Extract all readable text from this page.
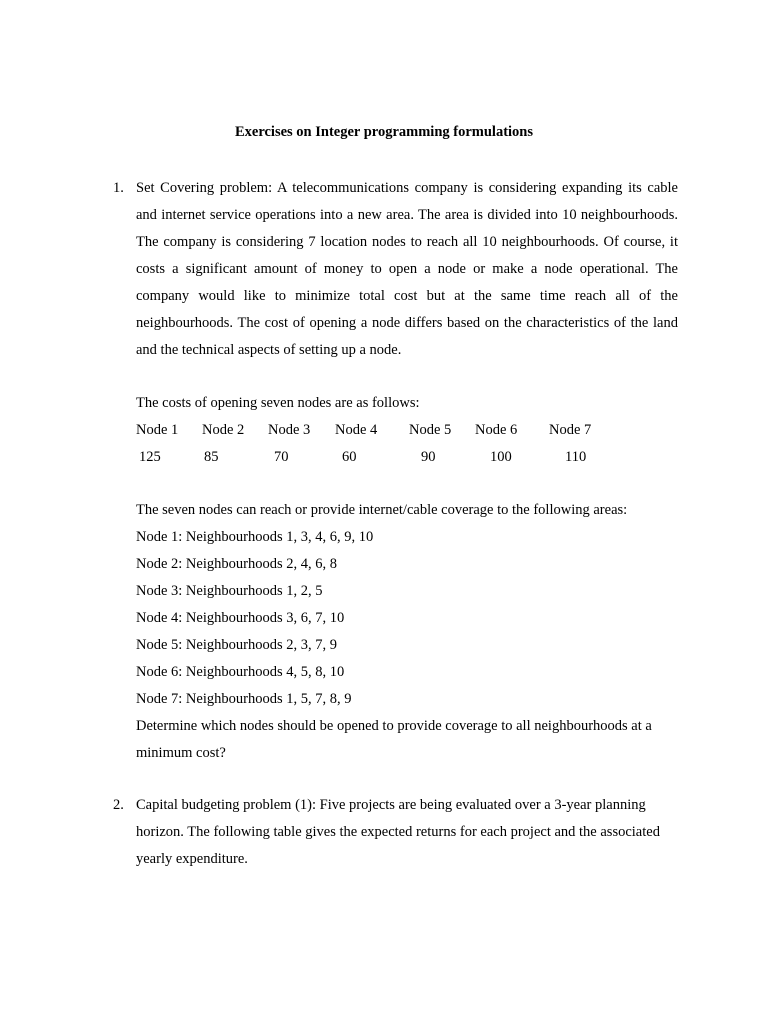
Exercises on Integer programming formulations
1. Set Covering problem: A telecommunications company is considering expanding its cable and internet service operations into a new area. The area is divided into 10 neighbourhoods. The company is considering 7 location nodes to reach all 10 neighbourhoods. Of course, it costs a significant amount of money to open a node or make a node operational. The company would like to minimize total cost but at the same time reach all of the neighbourhoods. The cost of opening a node differs based on the characteristics of the land and the technical aspects of setting up a node.
The costs of opening seven nodes are as follows:
Node 1 Node 2 Node 3 Node 4 Node 5 Node 6 Node 7
125	85	70	60	90	100	110
The seven nodes can reach or provide internet/cable coverage to the following areas:
Node 1: Neighbourhoods 1, 3, 4, 6, 9, 10
Node 2: Neighbourhoods 2, 4, 6, 8
Node 3: Neighbourhoods 1, 2, 5
Node 4: Neighbourhoods 3, 6, 7, 10
Node 5: Neighbourhoods 2, 3, 7, 9
Node 6: Neighbourhoods 4, 5, 8, 10
Node 7: Neighbourhoods 1, 5, 7, 8, 9
Determine which nodes should be opened to provide coverage to all neighbourhoods at a minimum cost?
2. Capital budgeting problem (1): Five projects are being evaluated over a 3-year planning horizon. The following table gives the expected returns for each project and the associated yearly expenditure.
